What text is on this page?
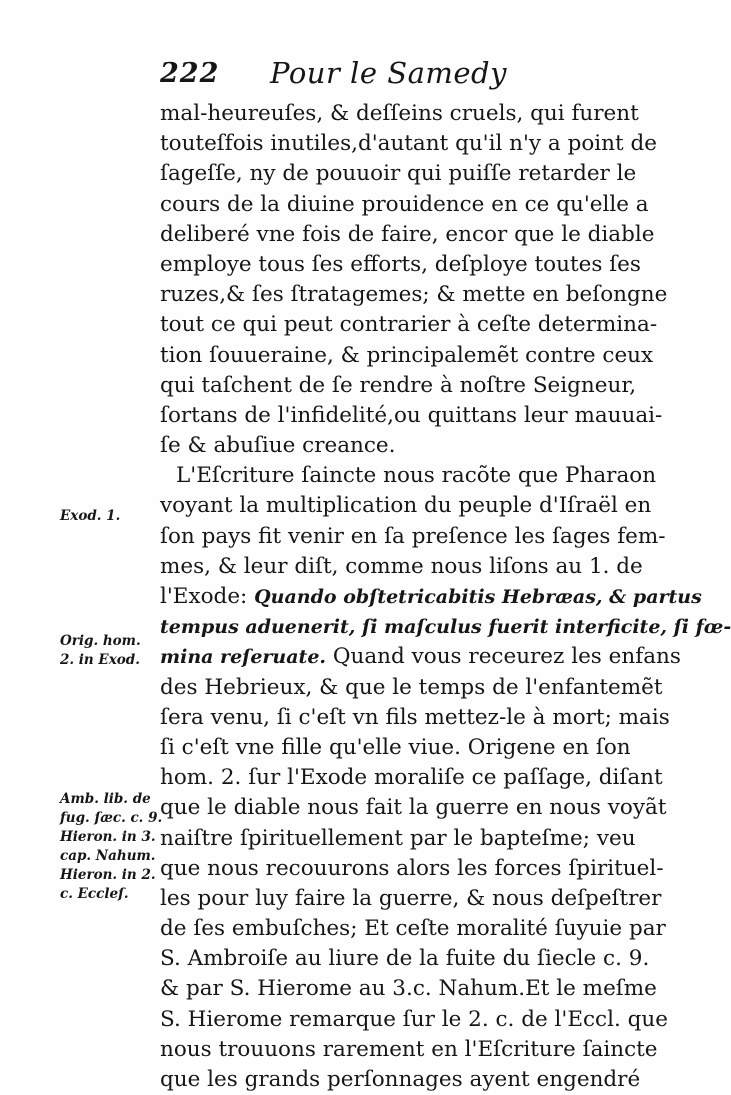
222 Pour le Samedy
mal-heureuſes, & deſſeins cruels, qui furent
touteſfois inutiles,d'autant qu'il n'y a point de
ſageſſe, ny de pouuoir qui puiſſe retarder le
cours de la diuine prouidence en ce qu'elle a
deliberé vne fois de faire, encor que le diable
employe tous ſes efforts, deſploye toutes ſes
ruzes,& ſes ſtratagemes; & mette en beſongne
tout ce qui peut contrarier à ceſte determina-
tion ſouueraine, & principalemẽt contre ceux
qui taſchent de ſe rendre à noſtre Seigneur,
ſortans de l'infidelité,ou quittans leur mauuai-
ſe & abuſiue creance.
L'Eſcriture ſaincte nous racõte que Pharaon
voyant la multiplication du peuple d'Iſraël en
ſon pays fit venir en ſa preſence les ſages fem-
mes, & leur diſt, comme nous liſons au 1. de
l'Exode: Quando obſtetricabitis Hebræas, & partus
tempus aduenerit, ſi maſculus fuerit interficite, ſi fœ-
mina reſeruate. Quand vous receurez les enfans
des Hebrieux, & que le temps de l'enfantemẽt
ſera venu, ſi c'eſt vn fils mettez-le à mort; mais
ſi c'eſt vne fille qu'elle viue. Origene en ſon
hom. 2. ſur l'Exode moraliſe ce paſſage, diſant
que le diable nous fait la guerre en nous voyãt
naiſtre ſpirituellement par le bapteſme; veu
que nous recouurons alors les forces ſpirituel-
les pour luy faire la guerre, & nous deſpeſtrer
de ſes embuſches; Et ceſte moralité ſuyuie par
S. Ambroiſe au liure de la fuite du ſiecle c. 9.
& par S. Hierome au 3.c. Nahum.Et le meſme
S. Hierome remarque ſur le 2. c. de l'Eccl. que
nous trouuons rarement en l'Eſcriture ſaincte
que les grands perſonnages ayent engendré
Exod. 1.
Orig. hom.
2. in Exod.
Amb. lib. de
fug. ſæc. c. 9.
Hieron. in 3.
cap. Nahum.
Hieron. in 2.
c. Eccleſ.
